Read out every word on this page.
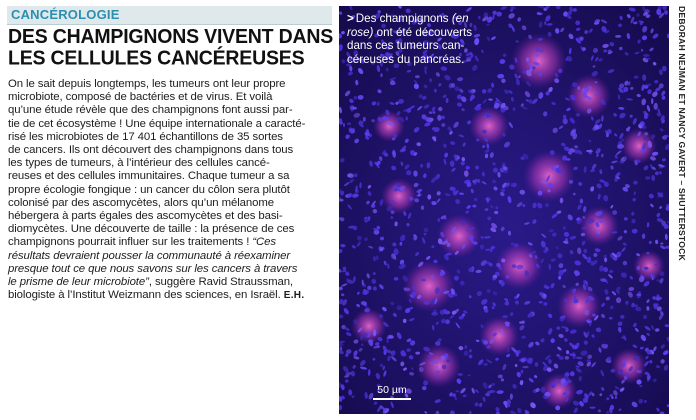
CANCÉROLOGIE
DES CHAMPIGNONS VIVENT DANS
LES CELLULES CANCÉREUSES
On le sait depuis longtemps, les tumeurs ont leur propre
microbiote, composé de bactéries et de virus. Et voilà
qu’une étude révèle que des champignons font aussi par-
tie de cet écosystème ! Une équipe internationale a caracté-
risé les microbiotes de 17 401 échantillons de 35 sortes
de cancers. Ils ont découvert des champignons dans tous
les types de tumeurs, à l’intérieur des cellules cancé-
reuses et des cellules immunitaires. Chaque tumeur a sa
propre écologie fongique : un cancer du côlon sera plutôt
colonisé par des ascomycètes, alors qu’un mélanome
hébergera à parts égales des ascomycètes et des basi-
diomycètes. Une découverte de taille : la présence de ces
champignons pourrait influer sur les traitements ! “Ces
résultats devraient pousser la communauté à réexaminer
presque tout ce que nous savons sur les cancers à travers
le prisme de leur microbiote”, suggère Ravid Straussman,
biologiste à l’Institut Weizmann des sciences, en Israël. E.H.
> Des champignons (en
rose) ont été découverts
dans ces tumeurs can-
céreuses du pancréas.
50 µm
DEBORAH NEJMAN ET NANCY GAVERT – SHUTTERSTOCK
